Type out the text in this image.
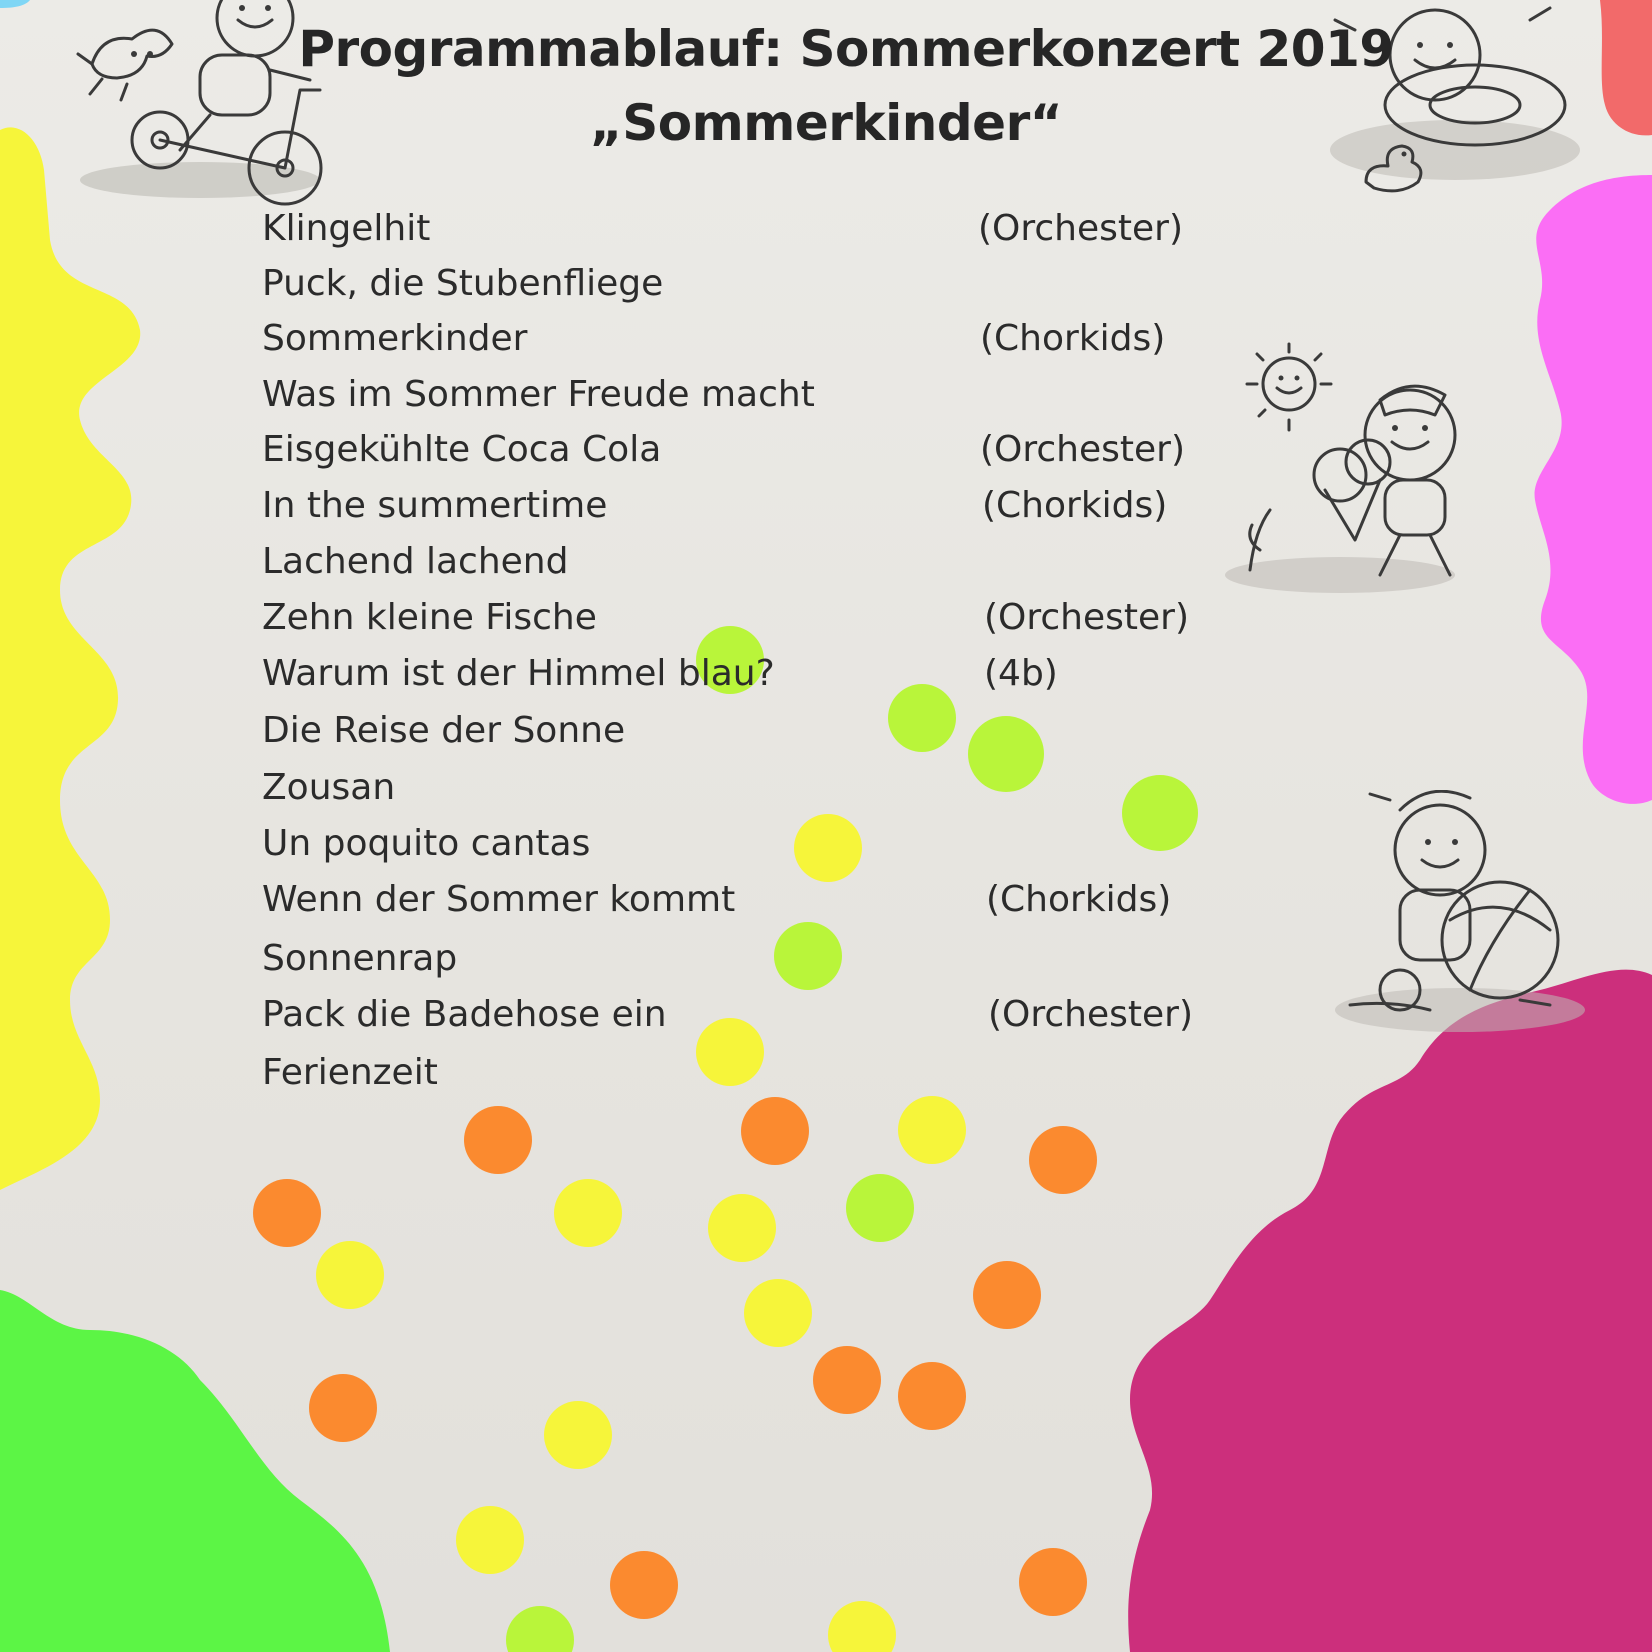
Programmablauf: Sommerkonzert 2019
„Sommerkinder“
Klingelhit	(Orchester)
Puck, die Stubenfliege
Sommerkinder	(Chorkids)
Was im Sommer Freude macht
Eisgekühlte Coca Cola	(Orchester)
In the summertime	(Chorkids)
Lachend lachend
Zehn kleine Fische	(Orchester)
Warum ist der Himmel blau?	(4b)
Die Reise der Sonne
Zousan
Un poquito cantas
Wenn der Sommer kommt	(Chorkids)
Sonnenrap
Pack die Badehose ein	(Orchester)
Ferienzeit
